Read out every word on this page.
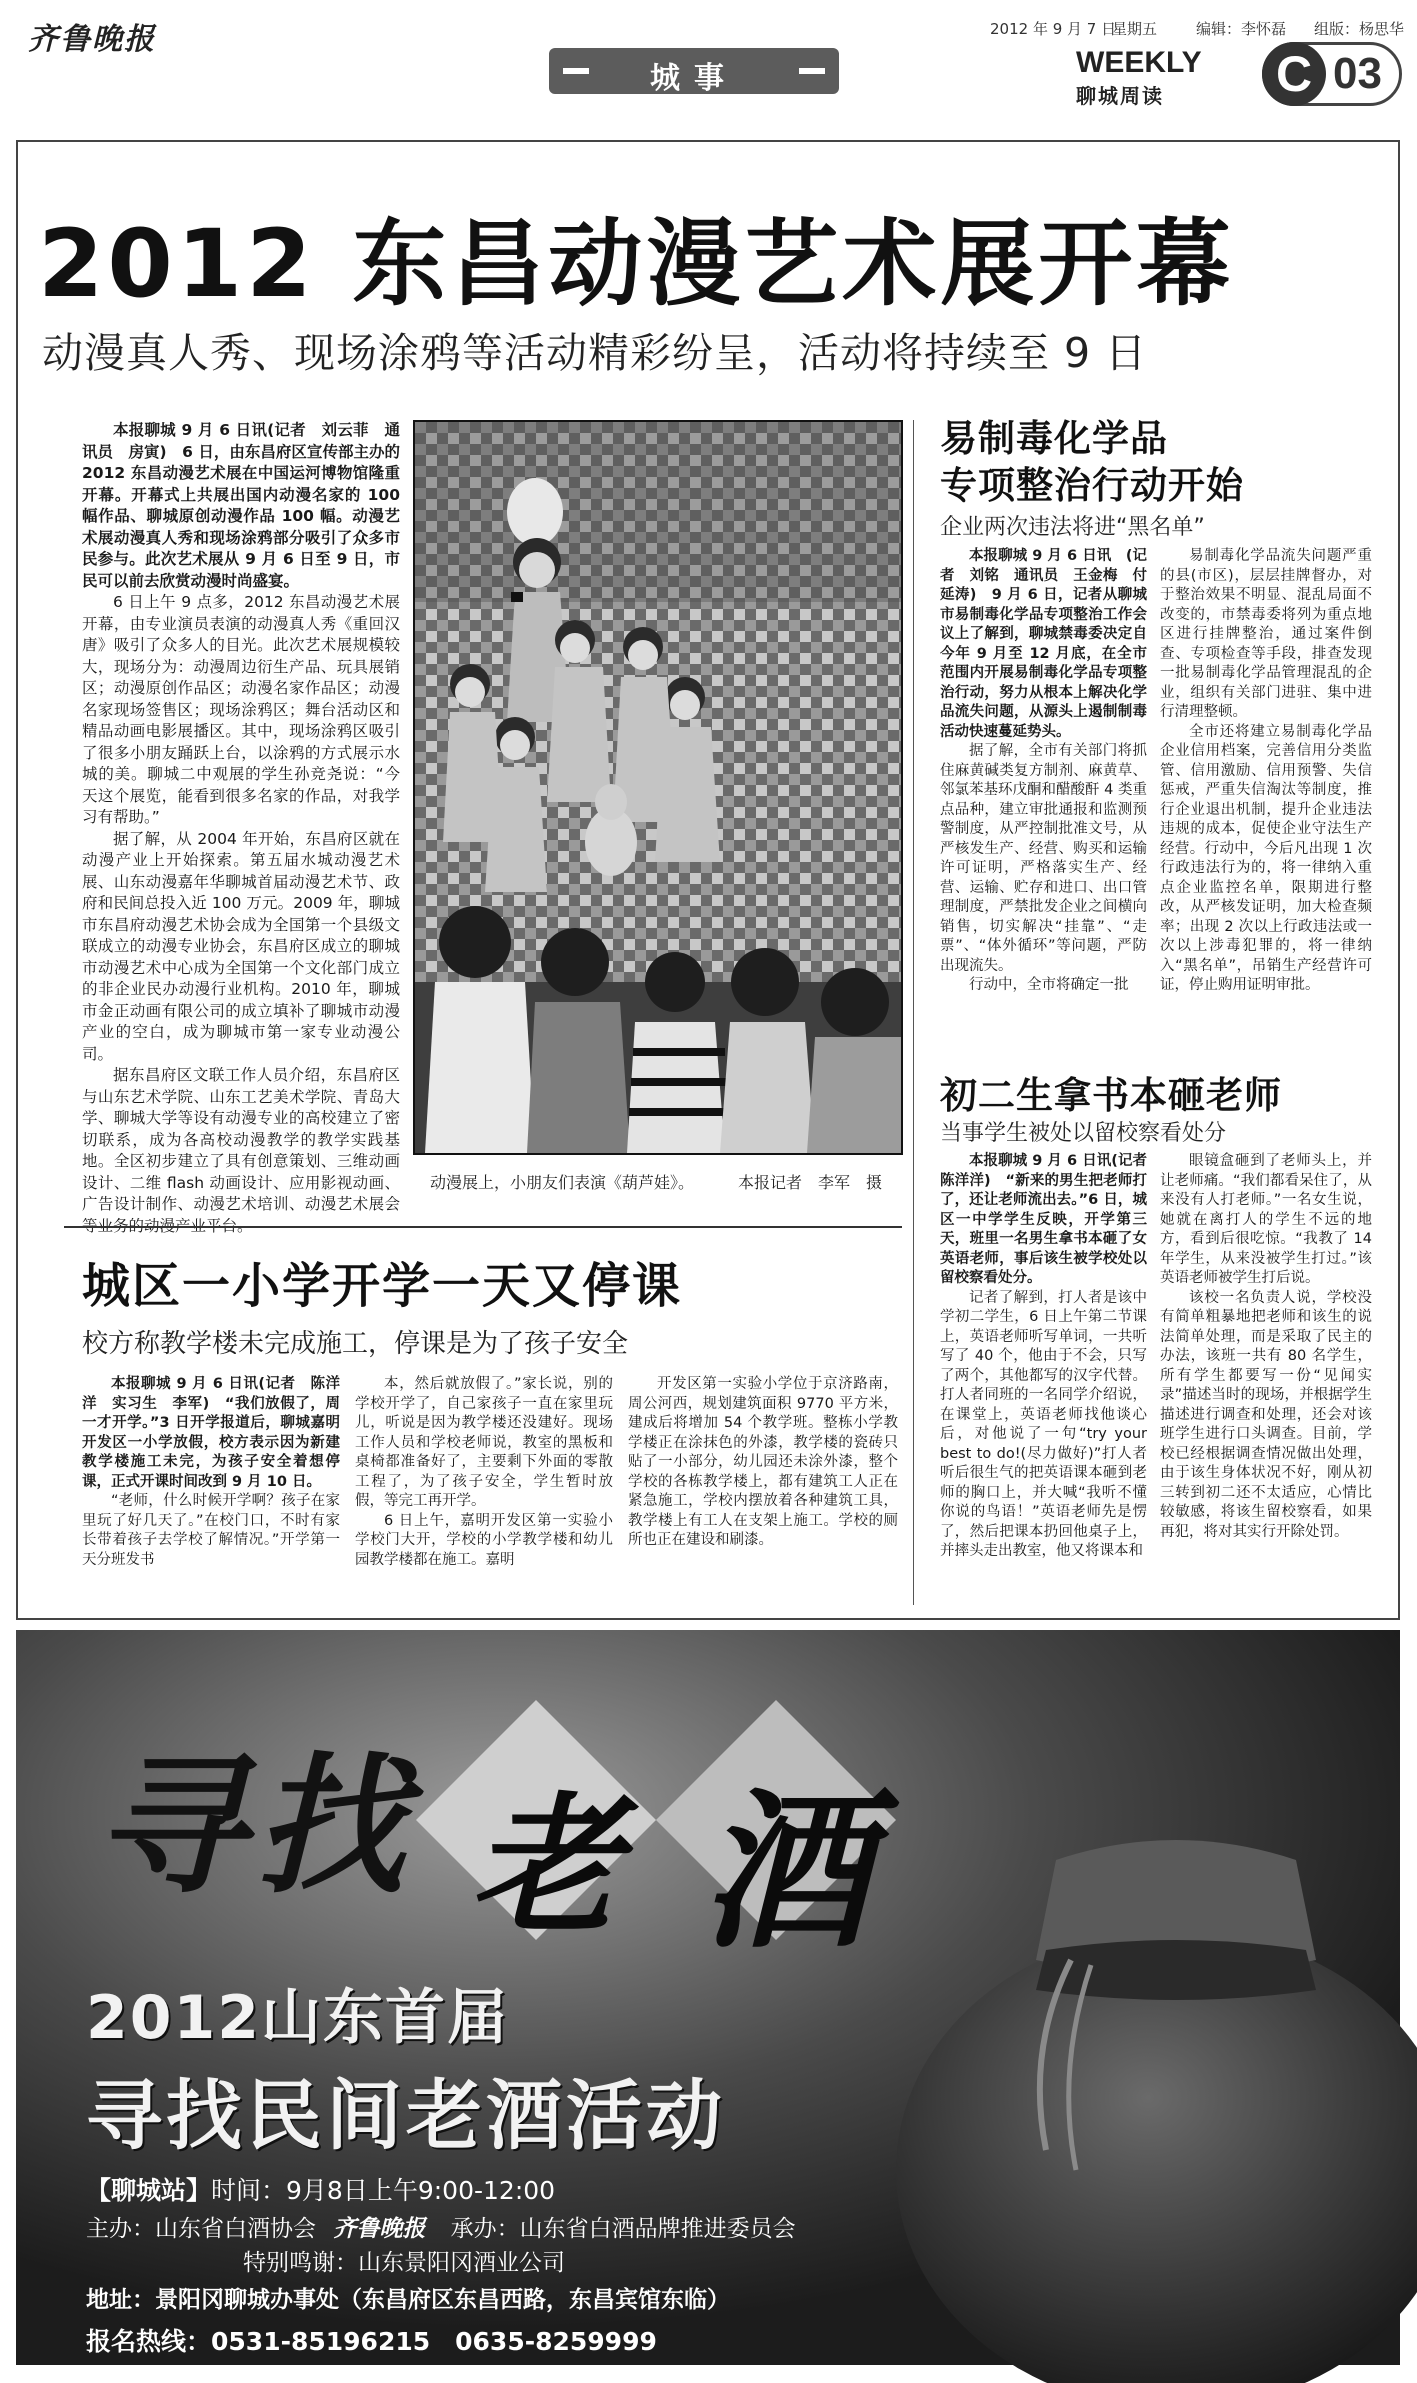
齐鲁晚报	2012 年 9 月 7 日
星期五	编辑：李怀磊 组版：杨思华
城事	WEEKLY
聊城周读 C 03
2012 东昌动漫艺术展开幕
动漫真人秀、现场涂鸦等活动精彩纷呈，活动将持续至 9 日

本报聊城 9 月 6 日讯(记者　刘云菲　通讯员　房寅)　6 日，由东昌府区宣传部主办的 2012 东昌动漫艺术展在中国运河博物馆隆重开幕。开幕式上共展出国内动漫名家的 100 幅作品、聊城原创动漫作品 100 幅。动漫艺术展动漫真人秀和现场涂鸦部分吸引了众多市民参与。此次艺术展从 9 月 6 日至 9 日，市民可以前去欣赏动漫时尚盛宴。

6 日上午 9 点多，2012 东昌动漫艺术展开幕，由专业演员表演的动漫真人秀《重回汉唐》吸引了众多人的目光。此次艺术展规模较大，现场分为：动漫周边衍生产品、玩具展销区；动漫原创作品区；动漫名家作品区；动漫名家现场签售区；现场涂鸦区；舞台活动区和精品动画电影展播区。其中，现场涂鸦区吸引了很多小朋友踊跃上台，以涂鸦的方式展示水城的美。聊城二中观展的学生孙竞尧说：“今天这个展览，能看到很多名家的作品，对我学习有帮助。”

据了解，从 2004 年开始，东昌府区就在动漫产业上开始探索。第五届水城动漫艺术展、山东动漫嘉年华聊城首届动漫艺术节、政府和民间总投入近 100 万元。2009 年，聊城市东昌府动漫艺术协会成为全国第一个县级文联成立的动漫专业协会，东昌府区成立的聊城市动漫艺术中心成为全国第一个文化部门成立的非企业民办动漫行业机构。2010 年，聊城市金正动画有限公司的成立填补了聊城市动漫产业的空白，成为聊城市第一家专业动漫公司。

据东昌府区文联工作人员介绍，东昌府区与山东艺术学院、山东工艺美术学院、青岛大学、聊城大学等设有动漫专业的高校建立了密切联系，成为各高校动漫教学的教学实践基地。全区初步建立了具有创意策划、三维动画设计、二维 flash 动画设计、应用影视动画、广告设计制作、动漫艺术培训、动漫艺术展会

动漫展上，小朋友们表演《葫芦娃》。	本报记者　李军　摄
易制毒化学品
专项整治行动开始
企业两次违法将进“黑名单”

本报聊城 9 月 6 日讯　(记者　刘铭　通讯员　王金梅　付延涛)　9 月 6 日，记者从聊城市易制毒化学品专项整治工作会议上了解到，聊城禁毒委决定自今年 9 月至 12 月底，在全市范围内开展易制毒化学品专项整治行动，努力从根本上解决化学品流失问题，从源头上遏制制毒活动快速蔓延势头。

据了解，全市有关部门将抓住麻黄碱类复方制剂、麻黄草、邻氯苯基环戊酮和醋酸酐 4 类重点品种，建立审批通报和监测预警制度，从严控制批准文号，从严核发生产、经营、购买和运输许可证明，严格落实生产、经营、运输、贮存和进口、出口管理制度，严禁批发企业之间横向销售，切实解决“挂靠”、“走票”、“体外循环”等问题，严防出现流失。

行动中，全市将确定一批

易制毒化学品流失问题严重的县(市区)，层层挂牌督办，对于整治效果不明显、混乱局面不改变的，市禁毒委将列为重点地区进行挂牌整治，通过案件倒查、专项检查等手段，排查发现一批易制毒化学品管理混乱的企业，组织有关部门进驻、集中进行清理整顿。

全市还将建立易制毒化学品企业信用档案，完善信用分类监管、信用激励、信用预警、失信惩戒，严重失信淘汰等制度，推行企业退出机制，提升企业违法违规的成本，促使企业守法生产经营。行动中，今后凡出现 1 次行政违法行为的，将一律纳入重点企业监控名单，限期进行整改，从严核发证明，加大检查频率；出现 2 次以上行政违法或一次以上涉毒犯罪的，将一律纳入“黑名单”，吊销生产经营许可证，停止购用证明审批。

初二生拿书本砸老师
当事学生被处以留校察看处分

本报聊城 9 月 6 日讯(记者　陈洋洋)　“新来的男生把老师打了，还让老师流出去。”6 日，城区一中学学生反映，开学第三天，班里一名男生拿书本砸了女英语老师，事后该生被学校处以留校察看处分。

记者了解到，打人者是该中学初二学生，6 日上午第二节课上，英语老师听写单词，一共听写了 40 个，他由于不会，只写了两个，其他都写的汉字代替。打人者同班的一名同学介绍说，在课堂上，英语老师找他谈心后，对他说了一句“try your best to do!(尽力做好)”打人者听后很生气的把英语课本砸到老师的胸口上，并大喊“我听不懂你说的鸟语！”英语老师先是愣了，然后把课本扔回他桌子上，并摔头走出教室，他又将课本和

眼镜盒砸到了老师头上，并让老师痛。“我们都看呆住了，从来没有人打老师。”一名女生说，她就在离打人的学生不远的地方，看到后很吃惊。“我教了 14 年学生，从来没被学生打过。”该英语老师被学生打后说。

该校一名负责人说，学校没有简单粗暴地把老师和该生的说法简单处理，而是采取了民主的办法，该班一共有 80 名学生，所有学生都要写一份“见闻实录”描述当时的现场，并根据学生描述进行调查和处理，还会对该班学生进行口头调查。目前，学校已经根据调查情况做出处理，由于该生身体状况不好，刚从初三转到初二还不太适应，心情比较敏感，将该生留校察看，如果再犯，将对其实行开除处罚。

城区一小学开学一天又停课
校方称教学楼未完成施工，停课是为了孩子安全

本报聊城 9 月 6 日讯(记者　陈洋洋　实习生　李军)　“我们放假了，周一才开学。”3 日开学报道后，聊城嘉明开发区一小学放假，校方表示因为新建教学楼施工未完，为孩子安全着想停课，正式开课时间改到 9 月 10 日。

“老师，什么时候开学啊？孩子在家里玩了好几天了。”在校门口，不时有家长带着孩子去学校了解情况。”开学第一天分班发书

本，然后就放假了。”家长说，别的学校开学了，自己家孩子一直在家里玩儿，听说是因为教学楼还没建好。现场工作人员和学校老师说，教室的黑板和桌椅都准备好了，主要剩下外面的零散工程了，为了孩子安全，学生暂时放假，等完工再开学。

6 日上午，嘉明开发区第一实验小学校门大开，学校的小学教学楼和幼儿园教学楼都在施工。嘉明

开发区第一实验小学位于京济路南，周公河西，规划建筑面积 9770 平方米，建成后将增加 54 个教学班。整栋小学教学楼正在涂抹色的外漆，教学楼的瓷砖只贴了一小部分，幼儿园还未涂外漆，整个学校的各栋教学楼上，都有建筑工人正在紧急施工，学校内摆放着各种建筑工具，教学楼上有工人在支架上施工。学校的厕所也正在建设和刷漆。

寻 找 老 酒
2012山东首届
寻找民间老酒活动
【聊城站】时间：9月8日上午9:00-12:00
主办：山东省白酒协会 齐鲁晚报 承办：山东省白酒品牌推进委员会
特别鸣谢：山东景阳冈酒业公司
地址：景阳冈聊城办事处（东昌府区东昌西路，东昌宾馆东临）
报名热线：0531-85196215　0635-8259999
